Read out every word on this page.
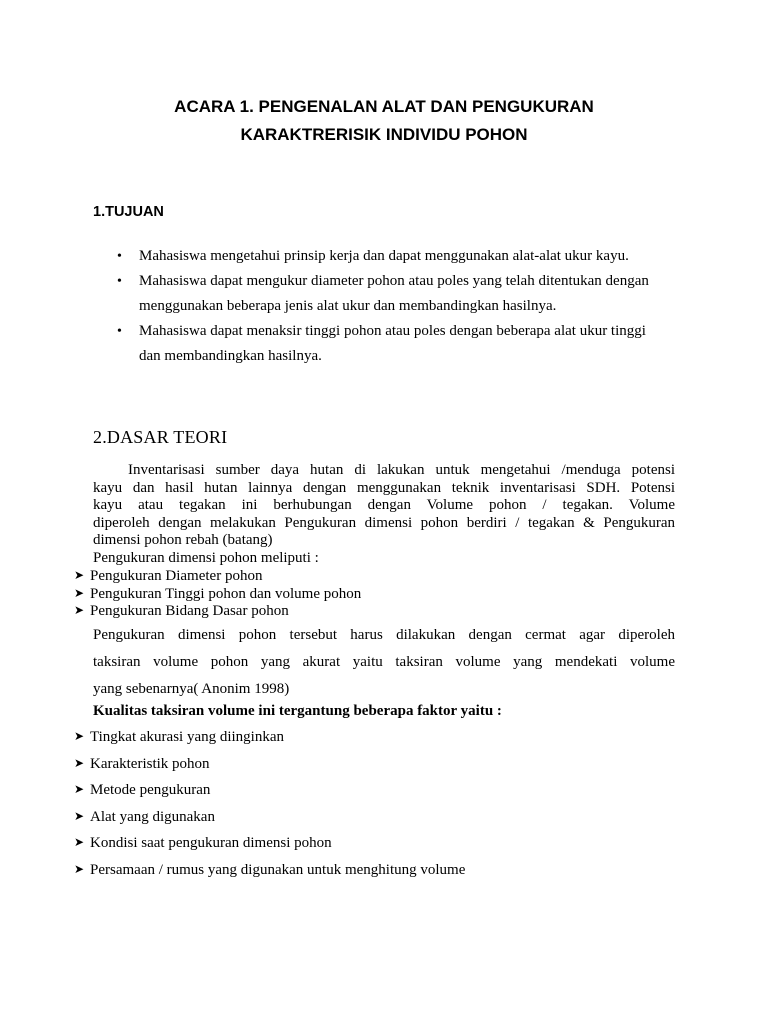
ACARA 1. PENGENALAN ALAT DAN PENGUKURAN
KARAKTRERISIK INDIVIDU POHON
1.TUJUAN
• Mahasiswa mengetahui prinsip kerja dan dapat menggunakan alat-alat ukur kayu.
• Mahasiswa dapat mengukur diameter pohon atau poles yang telah ditentukan dengan
menggunakan beberapa jenis alat ukur dan membandingkan hasilnya.
• Mahasiswa dapat menaksir tinggi pohon atau poles dengan beberapa alat ukur tinggi
dan membandingkan hasilnya.
2.DASAR TEORI
Inventarisasi sumber daya hutan di lakukan untuk mengetahui /menduga potensi
kayu dan hasil hutan lainnya dengan menggunakan teknik inventarisasi SDH. Potensi
kayu atau tegakan ini berhubungan dengan Volume pohon / tegakan. Volume
diperoleh dengan melakukan Pengukuran dimensi pohon berdiri / tegakan & Pengukuran
dimensi pohon rebah (batang)
Pengukuran dimensi pohon meliputi :
➤ Pengukuran Diameter pohon
➤ Pengukuran Tinggi pohon dan volume pohon
➤ Pengukuran Bidang Dasar pohon
Pengukuran dimensi pohon tersebut harus dilakukan dengan cermat agar diperoleh
taksiran volume pohon yang akurat yaitu taksiran volume yang mendekati volume
yang sebenarnya( Anonim 1998)
Kualitas taksiran volume ini tergantung beberapa faktor yaitu :
➤ Tingkat akurasi yang diinginkan
➤ Karakteristik pohon
➤ Metode pengukuran
➤ Alat yang digunakan
➤ Kondisi saat pengukuran dimensi pohon
➤ Persamaan / rumus yang digunakan untuk menghitung volume
